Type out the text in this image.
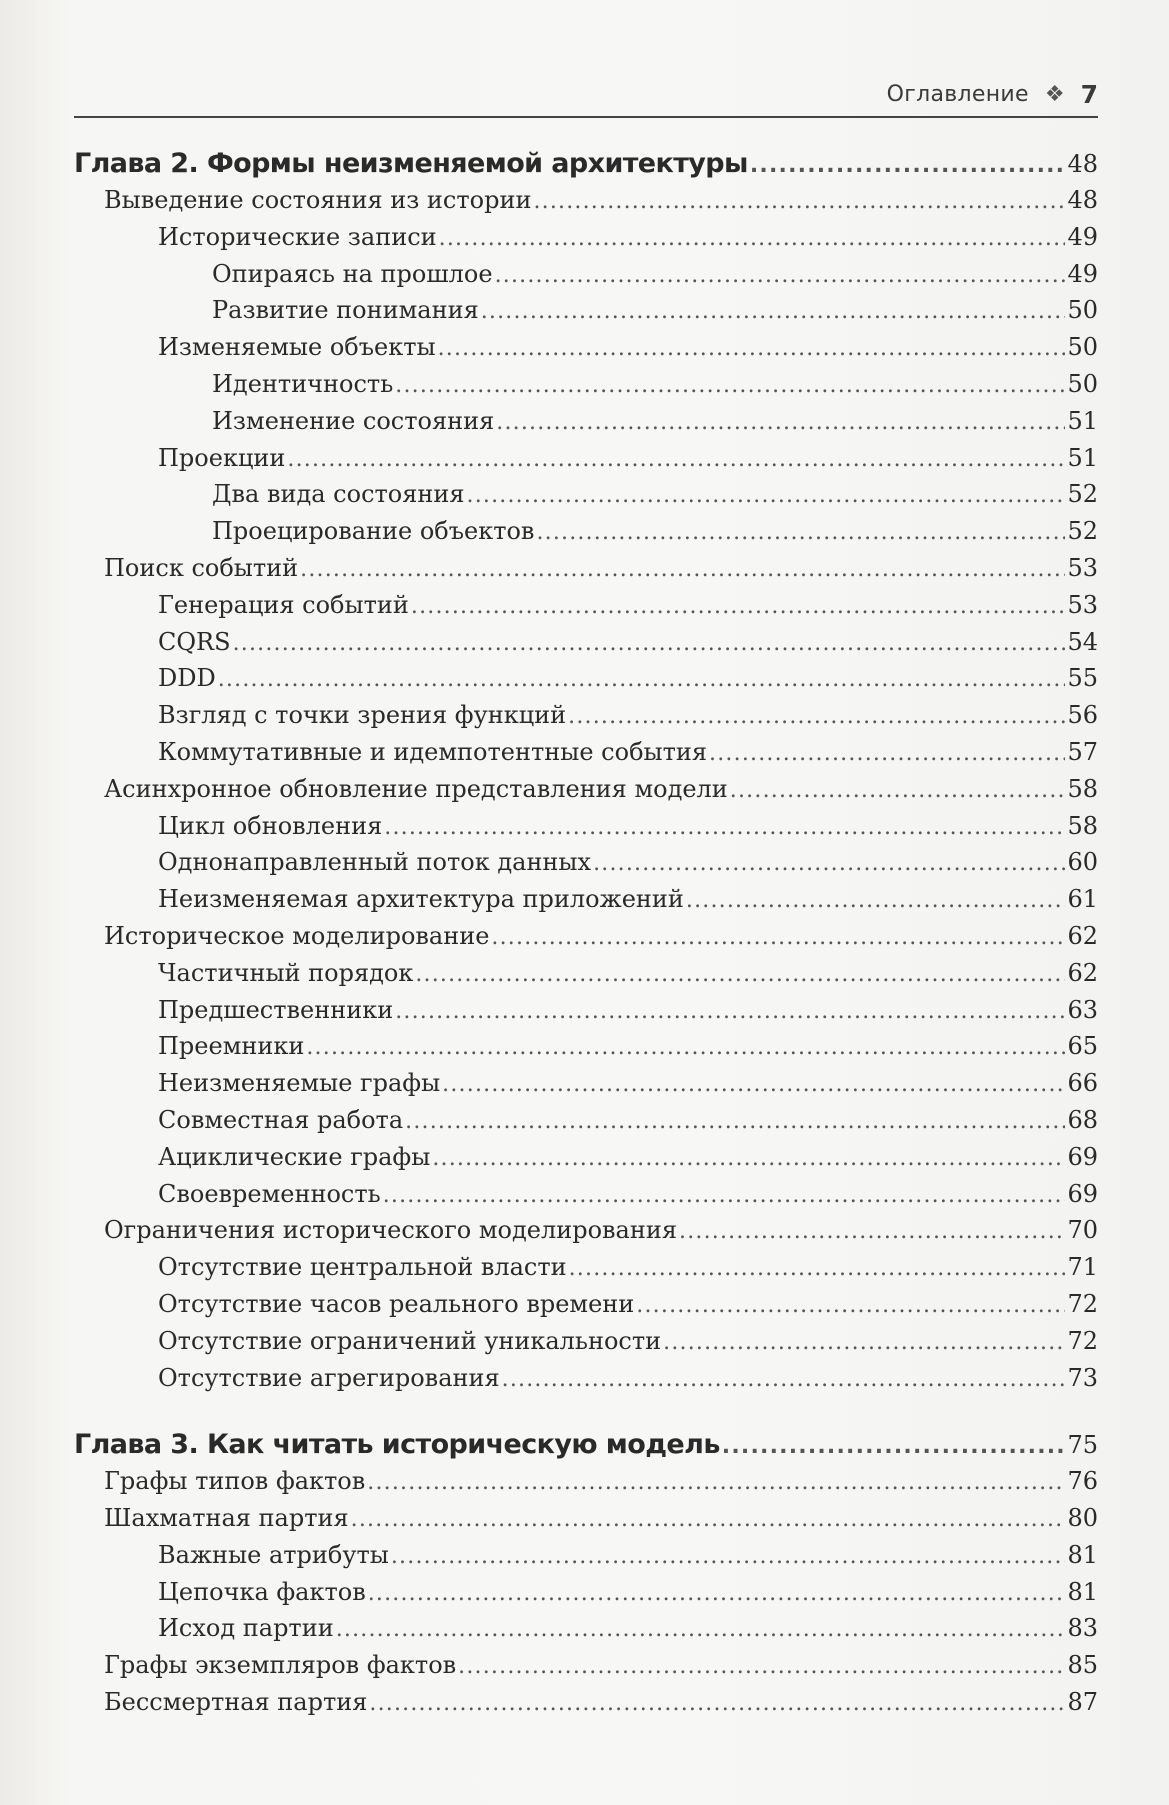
Оглавление ❖ 7
Глава 2. Формы неизменяемой архитектуры .....	48
Выведение состояния из истории .....	48
Исторические записи .....	49
Опираясь на прошлое .....	49
Развитие понимания .....	50
Изменяемые объекты .....	50
Идентичность .....	50
Изменение состояния .....	51
Проекции .....	51
Два вида состояния .....	52
Проецирование объектов .....	52
Поиск событий .....	53
Генерация событий .....	53
CQRS .....	54
DDD .....	55
Взгляд с точки зрения функций .....	56
Коммутативные и идемпотентные события .....	57
Асинхронное обновление представления модели .....	58
Цикл обновления .....	58
Однонаправленный поток данных .....	60
Неизменяемая архитектура приложений .....	61
Историческое моделирование .....	62
Частичный порядок .....	62
Предшественники .....	63
Преемники .....	65
Неизменяемые графы .....	66
Совместная работа .....	68
Ациклические графы .....	69
Своевременность .....	69
Ограничения исторического моделирования .....	70
Отсутствие центральной власти .....	71
Отсутствие часов реального времени .....	72
Отсутствие ограничений уникальности .....	72
Отсутствие агрегирования .....	73
Глава 3. Как читать историческую модель .....	75
Графы типов фактов .....	76
Шахматная партия .....	80
Важные атрибуты .....	81
Цепочка фактов .....	81
Исход партии .....	83
Графы экземпляров фактов .....	85
Бессмертная партия .....	87
